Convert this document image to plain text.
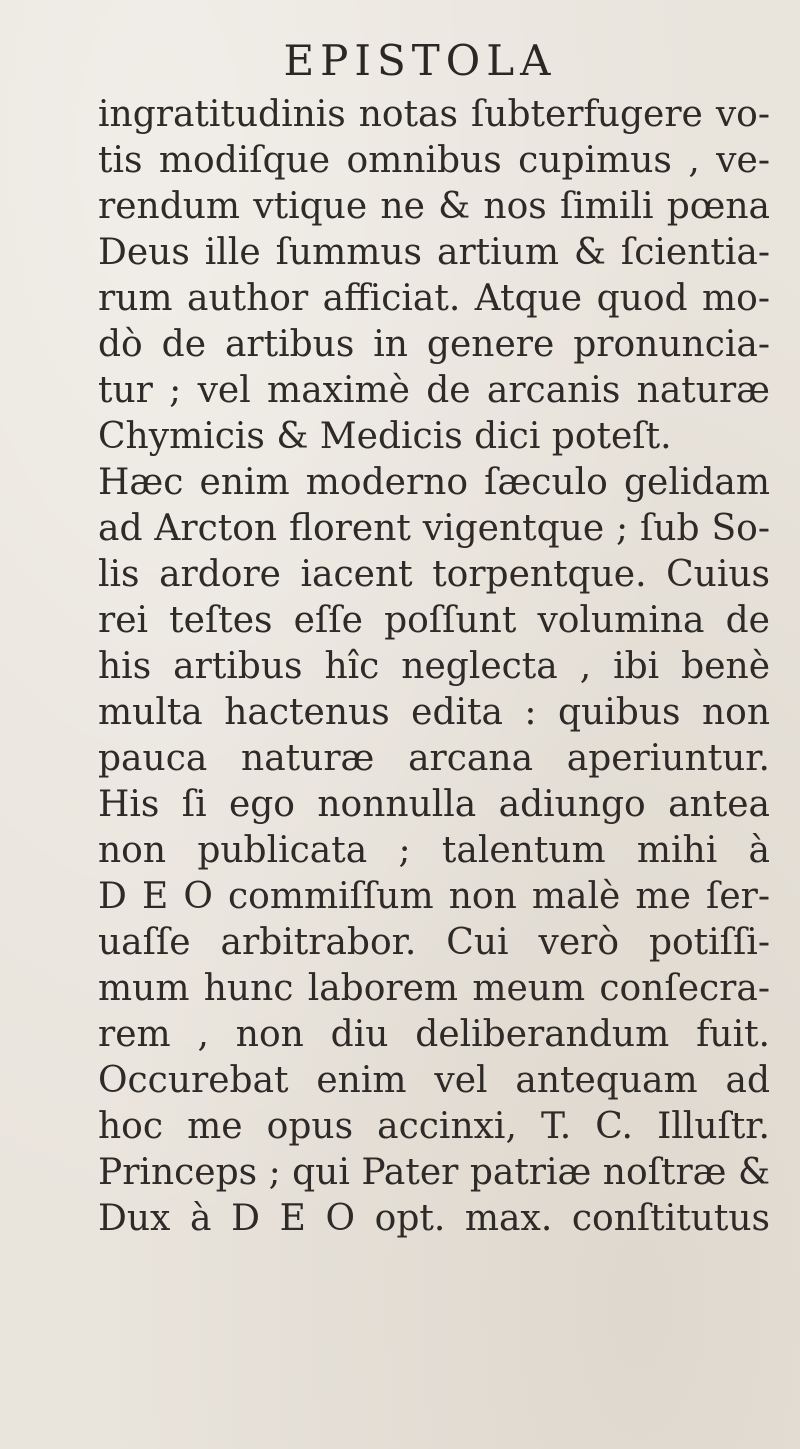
EPISTOLA
ingratitudinis notas ſubterfugere vo-
tis modiſque omnibus cupimus , ve-
rendum vtique ne & nos ſimili pœna
Deus ille ſummus artium & ſcientia-
rum author afficiat. Atque quod mo-
dò de artibus in genere pronuncia-
tur ; vel maximè de arcanis naturæ
Chymicis & Medicis dici poteſt.
Hæc enim moderno ſæculo gelidam
ad Arcton florent vigentque ; ſub So-
lis ardore iacent torpentque. Cuius
rei teſtes eſſe poſſunt volumina de
his artibus hîc neglecta , ibi benè
multa hactenus edita : quibus non
pauca naturæ arcana aperiuntur.
His ſi ego nonnulla adiungo antea
non publicata ; talentum mihi à
D E O commiſſum non malè me ſer-
uaſſe arbitrabor. Cui verò potiſſi-
mum hunc laborem meum conſecra-
rem , non diu deliberandum fuit.
Occurebat enim vel antequam ad
hoc me opus accinxi, T. C. Illuſtr.
Princeps ; qui Pater patriæ noſtræ &
Dux à D E O opt. max. conſtitutus
